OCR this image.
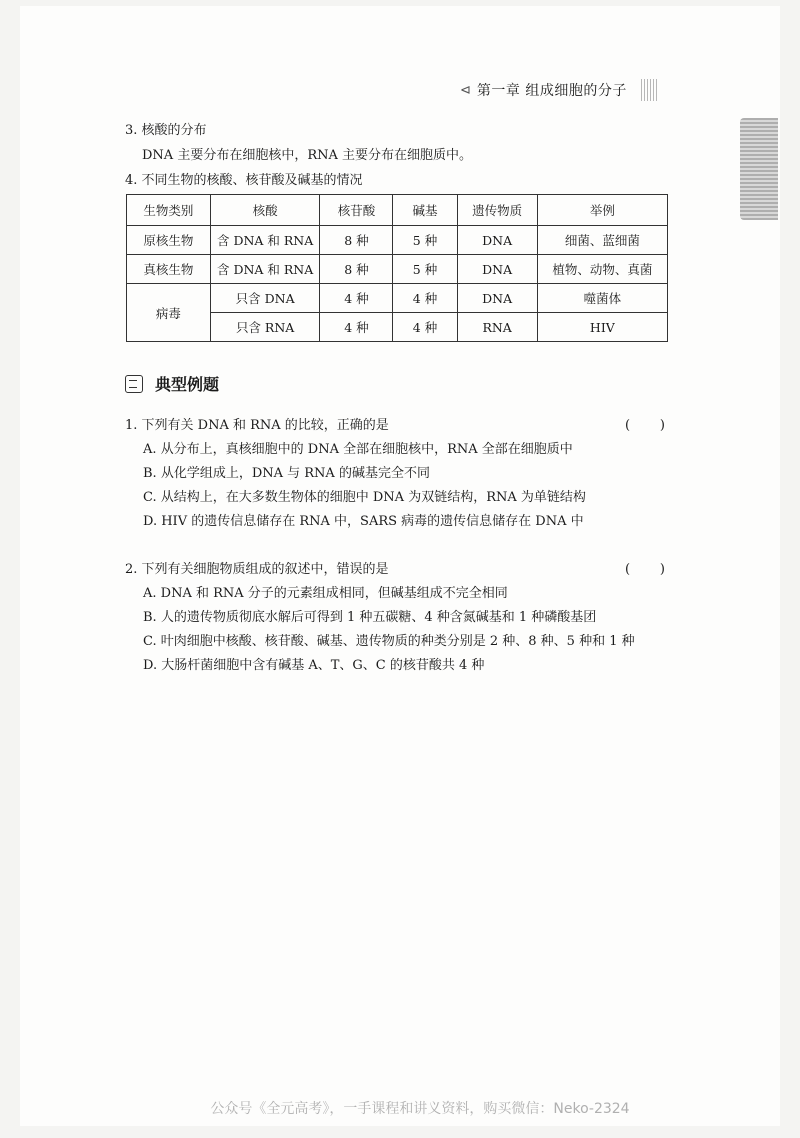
⊲ 第一章 组成细胞的分子
3. 核酸的分布
DNA 主要分布在细胞核中，RNA 主要分布在细胞质中。
4. 不同生物的核酸、核苷酸及碱基的情况
生物类别	核酸	核苷酸	碱基	遗传物质	举例
原核生物	含 DNA 和 RNA	8 种	5 种	DNA	细菌、蓝细菌
真核生物	含 DNA 和 RNA	8 种	5 种	DNA	植物、动物、真菌
病毒	只含 DNA	4 种	4 种	DNA	噬菌体
	只含 RNA	4 种	4 种	RNA	HIV
典型例题
1. 下列有关 DNA 和 RNA 的比较，正确的是	( )
A. 从分布上，真核细胞中的 DNA 全部在细胞核中，RNA 全部在细胞质中
B. 从化学组成上，DNA 与 RNA 的碱基完全不同
C. 从结构上，在大多数生物体的细胞中 DNA 为双链结构，RNA 为单链结构
D. HIV 的遗传信息储存在 RNA 中，SARS 病毒的遗传信息储存在 DNA 中
2. 下列有关细胞物质组成的叙述中，错误的是	( )
A. DNA 和 RNA 分子的元素组成相同，但碱基组成不完全相同
B. 人的遗传物质彻底水解后可得到 1 种五碳糖、4 种含氮碱基和 1 种磷酸基团
C. 叶肉细胞中核酸、核苷酸、碱基、遗传物质的种类分别是 2 种、8 种、5 种和 1 种
D. 大肠杆菌细胞中含有碱基 A、T、G、C 的核苷酸共 4 种
公众号《全元高考》，一手课程和讲义资料，购买微信：Neko-2324
